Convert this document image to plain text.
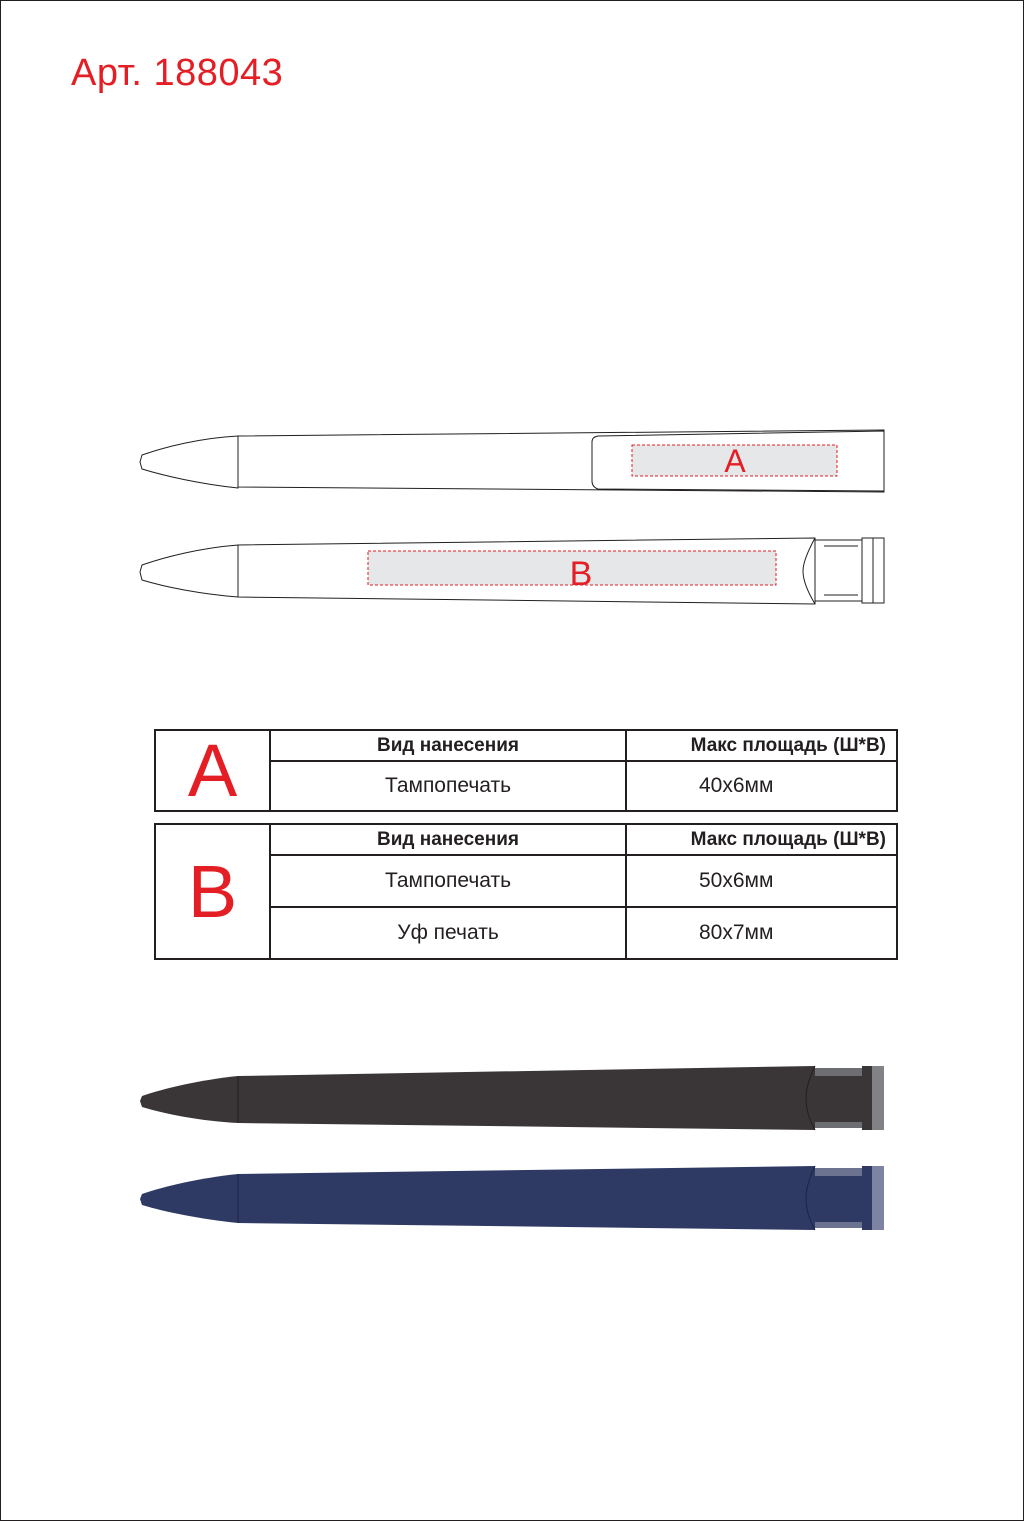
Арт. 188043
A
B
A	Вид нанесения	Макс площадь (Ш*В)
	Тампопечать	40х6мм
B	Вид нанесения	Макс площадь (Ш*В)
	Тампопечать	50х6мм
	Уф печать	80х7мм
